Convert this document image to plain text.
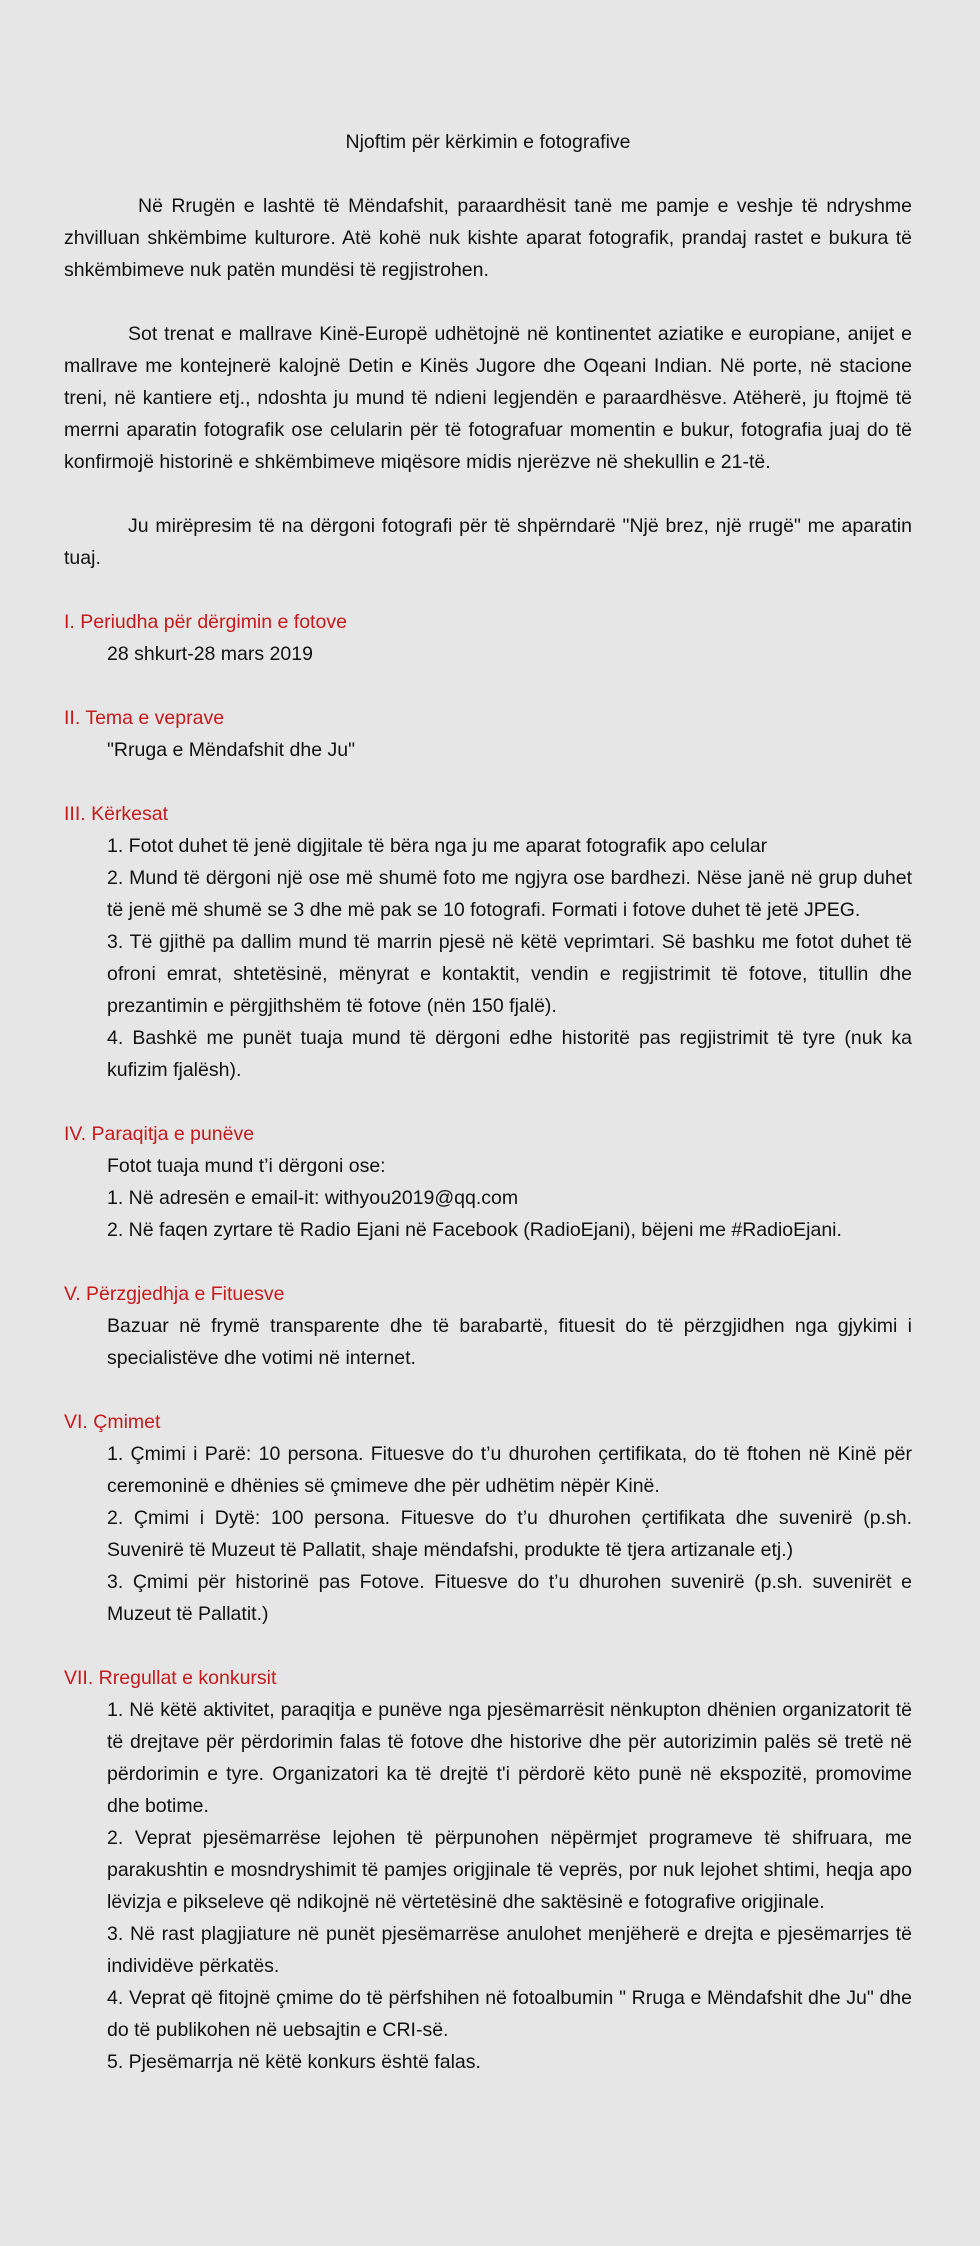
Njoftim për kërkimin e fotografive

Në Rrugën e lashtë të Mëndafshit, paraardhësit tanë me pamje e veshje të ndryshme zhvilluan shkëmbime kulturore. Atë kohë nuk kishte aparat fotografik, prandaj rastet e bukura të shkëmbimeve nuk patën mundësi të regjistrohen.

Sot trenat e mallrave Kinë-Europë udhëtojnë në kontinentet aziatike e europiane, anijet e mallrave me kontejnerë kalojnë Detin e Kinës Jugore dhe Oqeani Indian. Në porte, në stacione treni, në kantiere etj., ndoshta ju mund të ndieni legjendën e paraardhësve. Atëherë, ju ftojmë të merrni aparatin fotografik ose celularin për të fotografuar momentin e bukur, fotografia juaj do të konfirmojë historinë e shkëmbimeve miqësore midis njerëzve në shekullin e 21-të.

Ju mirëpresim të na dërgoni fotografi për të shpërndarë "Një brez, një rrugë" me aparatin tuaj.

I. Periudha për dërgimin e fotove

28 shkurt-28 mars 2019

II. Tema e veprave

"Rruga e Mëndafshit dhe Ju"

III. Kërkesat

1. Fotot duhet të jenë digjitale të bëra nga ju me aparat fotografik apo celular

2. Mund të dërgoni një ose më shumë foto me ngjyra ose bardhezi. Nëse janë në grup duhet të jenë më shumë se 3 dhe më pak se 10 fotografi. Formati i fotove duhet të jetë JPEG.

3. Të gjithë pa dallim mund të marrin pjesë në këtë veprimtari. Së bashku me fotot duhet të ofroni emrat, shtetësinë, mënyrat e kontaktit, vendin e regjistrimit të fotove, titullin dhe prezantimin e përgjithshëm të fotove (nën 150 fjalë).

4. Bashkë me punët tuaja mund të dërgoni edhe historitë pas regjistrimit të tyre (nuk ka kufizim fjalësh).

IV. Paraqitja e punëve

Fotot tuaja mund t’i dërgoni ose:

1. Në adresën e email-it: withyou2019@qq.com

2. Në faqen zyrtare të Radio Ejani në Facebook (RadioEjani), bëjeni me #RadioEjani.

V. Përzgjedhja e Fituesve

Bazuar në frymë transparente dhe të barabartë, fituesit do të përzgjidhen nga gjykimi i specialistëve dhe votimi në internet.

VI. Çmimet

1. Çmimi i Parë: 10 persona. Fituesve do t’u dhurohen çertifikata, do të ftohen në Kinë për ceremoninë e dhënies së çmimeve dhe për udhëtim nëpër Kinë.

2. Çmimi i Dytë: 100 persona. Fituesve do t’u dhurohen çertifikata dhe suvenirë (p.sh. Suvenirë të Muzeut të Pallatit, shaje mëndafshi, produkte të tjera artizanale etj.)

3. Çmimi për historinë pas Fotove. Fituesve do t’u dhurohen suvenirë (p.sh. suvenirët e Muzeut të Pallatit.)

VII. Rregullat e konkursit

1. Në këtë aktivitet, paraqitja e punëve nga pjesëmarrësit nënkupton dhënien organizatorit të të drejtave për përdorimin falas të fotove dhe historive dhe për autorizimin palës së tretë në përdorimin e tyre. Organizatori ka të drejtë t'i përdorë këto punë në ekspozitë, promovime dhe botime.

2. Veprat pjesëmarrëse lejohen të përpunohen nëpërmjet programeve të shifruara, me parakushtin e mosndryshimit të pamjes origjinale të veprës, por nuk lejohet shtimi, heqja apo lëvizja e pikseleve që ndikojnë në vërtetësinë dhe saktësinë e fotografive origjinale.

3. Në rast plagjiature në punët pjesëmarrëse anulohet menjëherë e drejta e pjesëmarrjes të individëve përkatës.

4. Veprat që fitojnë çmime do të përfshihen në fotoalbumin " Rruga e Mëndafshit dhe Ju" dhe do të publikohen në uebsajtin e CRI-së.

5. Pjesëmarrja në këtë konkurs është falas.
